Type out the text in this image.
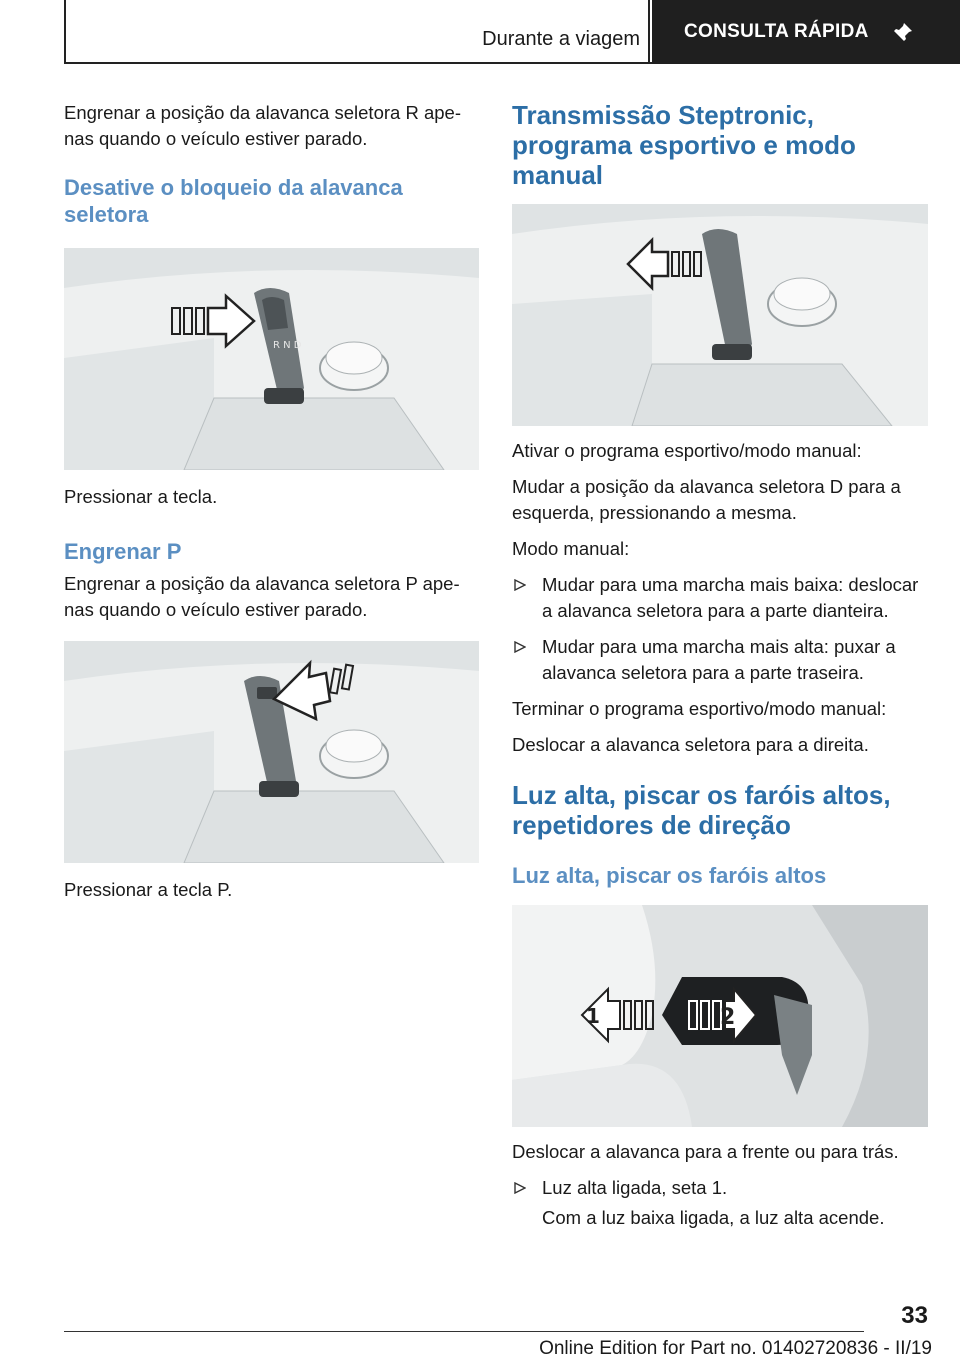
Durante a viagem CONSULTA RÁPIDA

Engrenar a posição da alavanca seletora R ape-nas quando o veículo estiver parado.

Desative o bloqueio da alavanca seletora
R N D

Pressionar a tecla.

Engrenar P

Engrenar a posição da alavanca seletora P ape-nas quando o veículo estiver parado.

Pressionar a tecla P.

Transmissão Steptronic, programa esportivo e modo manual

Ativar o programa esportivo/modo manual:

Mudar a posição da alavanca seletora D para a esquerda, pressionando a mesma.

Modo manual:

Mudar para uma marcha mais baixa: deslocar a alavanca seletora para a parte dianteira.
Mudar para uma marcha mais alta: puxar a alavanca seletora para a parte traseira.

Terminar o programa esportivo/modo manual:

Deslocar a alavanca seletora para a direita.

Luz alta, piscar os faróis altos, repetidores de direção
Luz alta, piscar os faróis altos
2
1

Deslocar a alavanca para a frente ou para trás.

Luz alta ligada, seta 1.

Com a luz baixa ligada, a luz alta acende.

33
Online Edition for Part no. 01402720836 - II/19
